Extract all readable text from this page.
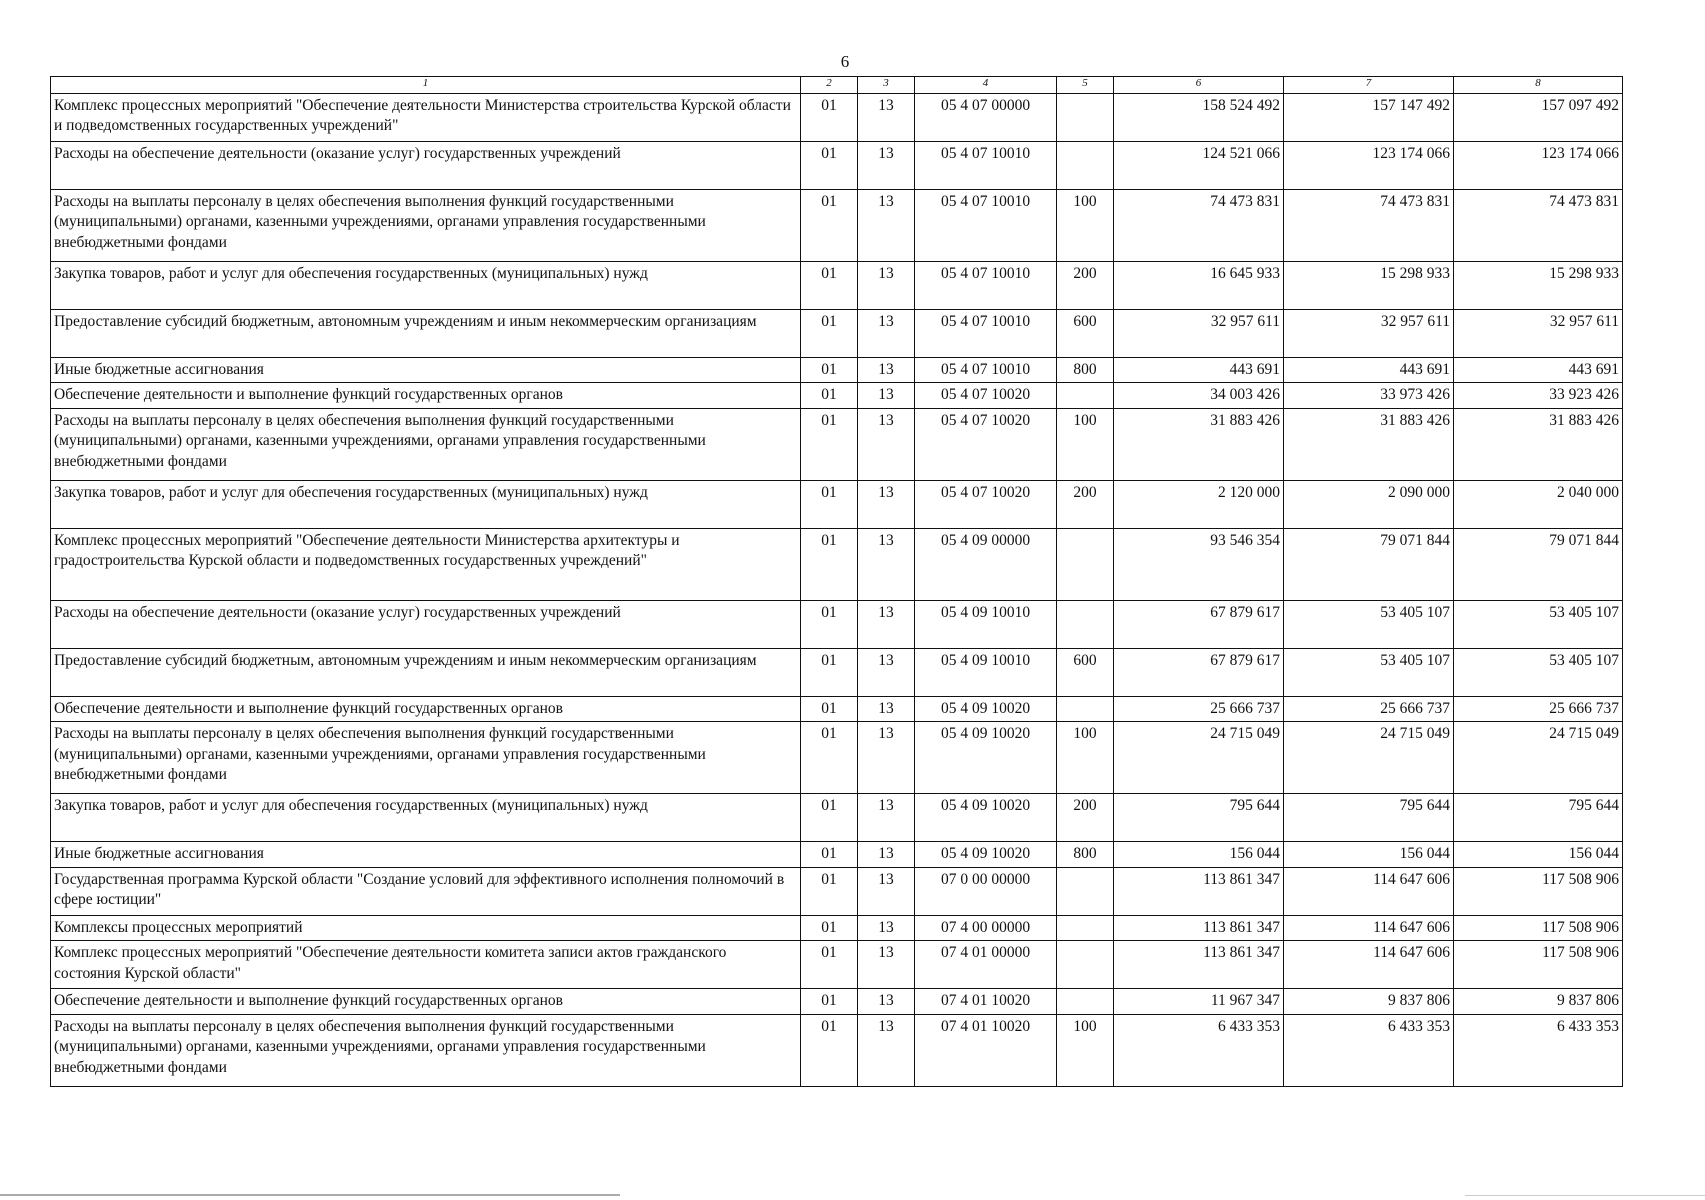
6
1	2	3	4	5	6	7	8
Комплекс процессных мероприятий "Обеспечение деятельности Министерства строительства Курской области и подведомственных государственных учреждений"	01	13	05 4 07 00000		158 524 492	157 147 492	157 097 492
Расходы на обеспечение деятельности (оказание услуг) государственных учреждений	01	13	05 4 07 10010		124 521 066	123 174 066	123 174 066
Расходы на выплаты персоналу в целях обеспечения выполнения функций государственными (муниципальными) органами, казенными учреждениями, органами управления государственными внебюджетными фондами	01	13	05 4 07 10010	100	74 473 831	74 473 831	74 473 831
Закупка товаров, работ и услуг для обеспечения государственных (муниципальных) нужд	01	13	05 4 07 10010	200	16 645 933	15 298 933	15 298 933
Предоставление субсидий бюджетным, автономным учреждениям и иным некоммерческим организациям	01	13	05 4 07 10010	600	32 957 611	32 957 611	32 957 611
Иные бюджетные ассигнования	01	13	05 4 07 10010	800	443 691	443 691	443 691
Обеспечение деятельности и выполнение функций государственных органов	01	13	05 4 07 10020		34 003 426	33 973 426	33 923 426
Расходы на выплаты персоналу в целях обеспечения выполнения функций государственными (муниципальными) органами, казенными учреждениями, органами управления государственными внебюджетными фондами	01	13	05 4 07 10020	100	31 883 426	31 883 426	31 883 426
Закупка товаров, работ и услуг для обеспечения государственных (муниципальных) нужд	01	13	05 4 07 10020	200	2 120 000	2 090 000	2 040 000
Комплекс процессных мероприятий "Обеспечение деятельности Министерства архитектуры и градостроительства Курской области и подведомственных государственных учреждений"	01	13	05 4 09 00000		93 546 354	79 071 844	79 071 844
Расходы на обеспечение деятельности (оказание услуг) государственных учреждений	01	13	05 4 09 10010		67 879 617	53 405 107	53 405 107
Предоставление субсидий бюджетным, автономным учреждениям и иным некоммерческим организациям	01	13	05 4 09 10010	600	67 879 617	53 405 107	53 405 107
Обеспечение деятельности и выполнение функций государственных органов	01	13	05 4 09 10020		25 666 737	25 666 737	25 666 737
Расходы на выплаты персоналу в целях обеспечения выполнения функций государственными (муниципальными) органами, казенными учреждениями, органами управления государственными внебюджетными фондами	01	13	05 4 09 10020	100	24 715 049	24 715 049	24 715 049
Закупка товаров, работ и услуг для обеспечения государственных (муниципальных) нужд	01	13	05 4 09 10020	200	795 644	795 644	795 644
Иные бюджетные ассигнования	01	13	05 4 09 10020	800	156 044	156 044	156 044
Государственная программа Курской области "Создание условий для эффективного исполнения полномочий в сфере юстиции"	01	13	07 0 00 00000		113 861 347	114 647 606	117 508 906
Комплексы процессных мероприятий	01	13	07 4 00 00000		113 861 347	114 647 606	117 508 906
Комплекс процессных мероприятий "Обеспечение деятельности комитета записи актов гражданского состояния Курской области"	01	13	07 4 01 00000		113 861 347	114 647 606	117 508 906
Обеспечение деятельности и выполнение функций государственных органов	01	13	07 4 01 10020		11 967 347	9 837 806	9 837 806
Расходы на выплаты персоналу в целях обеспечения выполнения функций государственными (муниципальными) органами, казенными учреждениями, органами управления государственными внебюджетными фондами	01	13	07 4 01 10020	100	6 433 353	6 433 353	6 433 353
